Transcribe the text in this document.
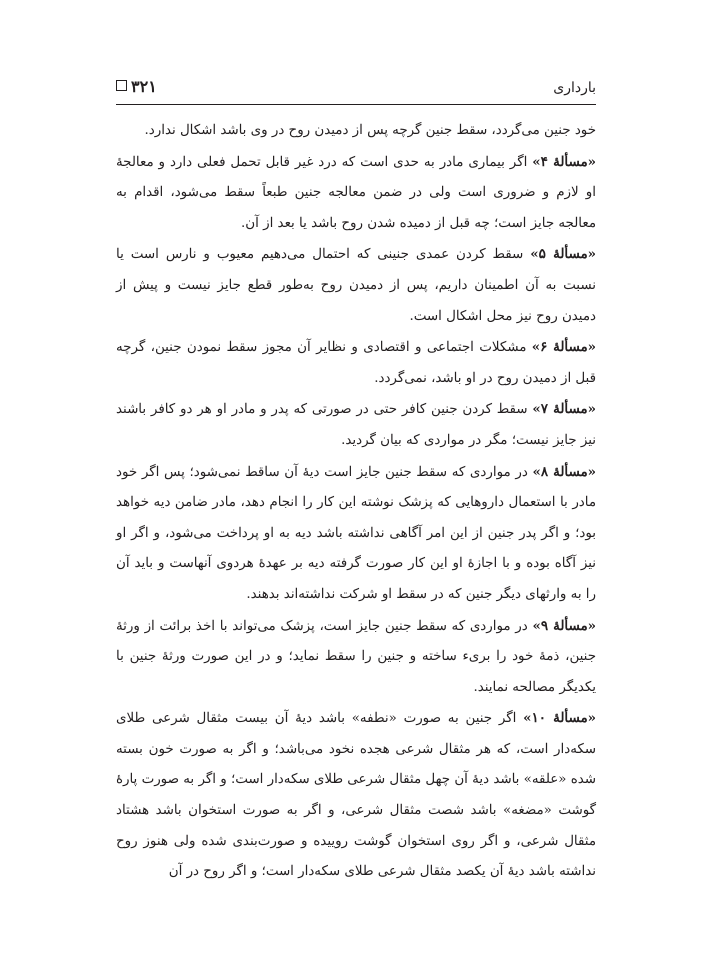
بارداری
۳۲۱

خود جنین می‌گردد، سقط جنین گرچه پس از دمیدن روح در وی باشد اشکال ندارد.

«مسألهٔ ۴» اگر بیماری مادر به حدی است که درد غیر قابل تحمل فعلی دارد و معالجهٔ او لازم و ضروری است ولی در ضمن معالجه جنین طبعاً سقط می‌شود، اقدام به معالجه جایز است؛ چه قبل از دمیده شدن روح باشد یا بعد از آن.

«مسألهٔ ۵» سقط کردن عمدی جنینی که احتمال می‌دهیم معیوب و نارس است یا نسبت به آن اطمینان داریم، پس از دمیدن روح به‌طور قطع جایز نیست و پیش از دمیدن روح نیز محل اشکال است.

«مسألهٔ ۶» مشکلات اجتماعی و اقتصادی و نظایر آن مجوز سقط نمودن جنین، گرچه قبل از دمیدن روح در او باشد، نمی‌گردد.

«مسألهٔ ۷» سقط کردن جنین کافر حتی در صورتی که پدر و مادر او هر دو کافر باشند نیز جایز نیست؛ مگر در مواردی که بیان گردید.

«مسألهٔ ۸» در مواردی که سقط جنین جایز است دیهٔ آن ساقط نمی‌شود؛ پس اگر خود مادر با استعمال داروهایی که پزشک نوشته این کار را انجام دهد، مادر ضامن دیه خواهد بود؛ و اگر پدر جنین از این امر آگاهی نداشته باشد دیه به او پرداخت می‌شود، و اگر او نیز آگاه بوده و با اجازهٔ او این کار صورت گرفته دیه بر عهدهٔ هردوی آنهاست و باید آن را به وارثهای دیگر جنین که در سقط او شرکت نداشته‌اند بدهند.

«مسألهٔ ۹» در مواردی که سقط جنین جایز است، پزشک می‌تواند با اخذ برائت از ورثهٔ جنین، ذمهٔ خود را بریء ساخته و جنین را سقط نماید؛ و در این صورت ورثهٔ جنین با یکدیگر مصالحه نمایند.

«مسألهٔ ۱۰» اگر جنین به صورت «نطفه» باشد دیهٔ آن بیست مثقال شرعی طلای سکه‌دار است، که هر مثقال شرعی هجده نخود می‌باشد؛ و اگر به صورت خون بسته شده «علقه» باشد دیهٔ آن چهل مثقال شرعی طلای سکه‌دار است؛ و اگر به صورت پارهٔ گوشت «مضغه» باشد شصت مثقال شرعی، و اگر به صورت استخوان باشد هشتاد مثقال شرعی، و اگر روی استخوان گوشت روییده و صورت‌بندی شده ولی هنوز روح نداشته باشد دیهٔ آن یکصد مثقال شرعی طلای سکه‌دار است؛ و اگر روح در آن
